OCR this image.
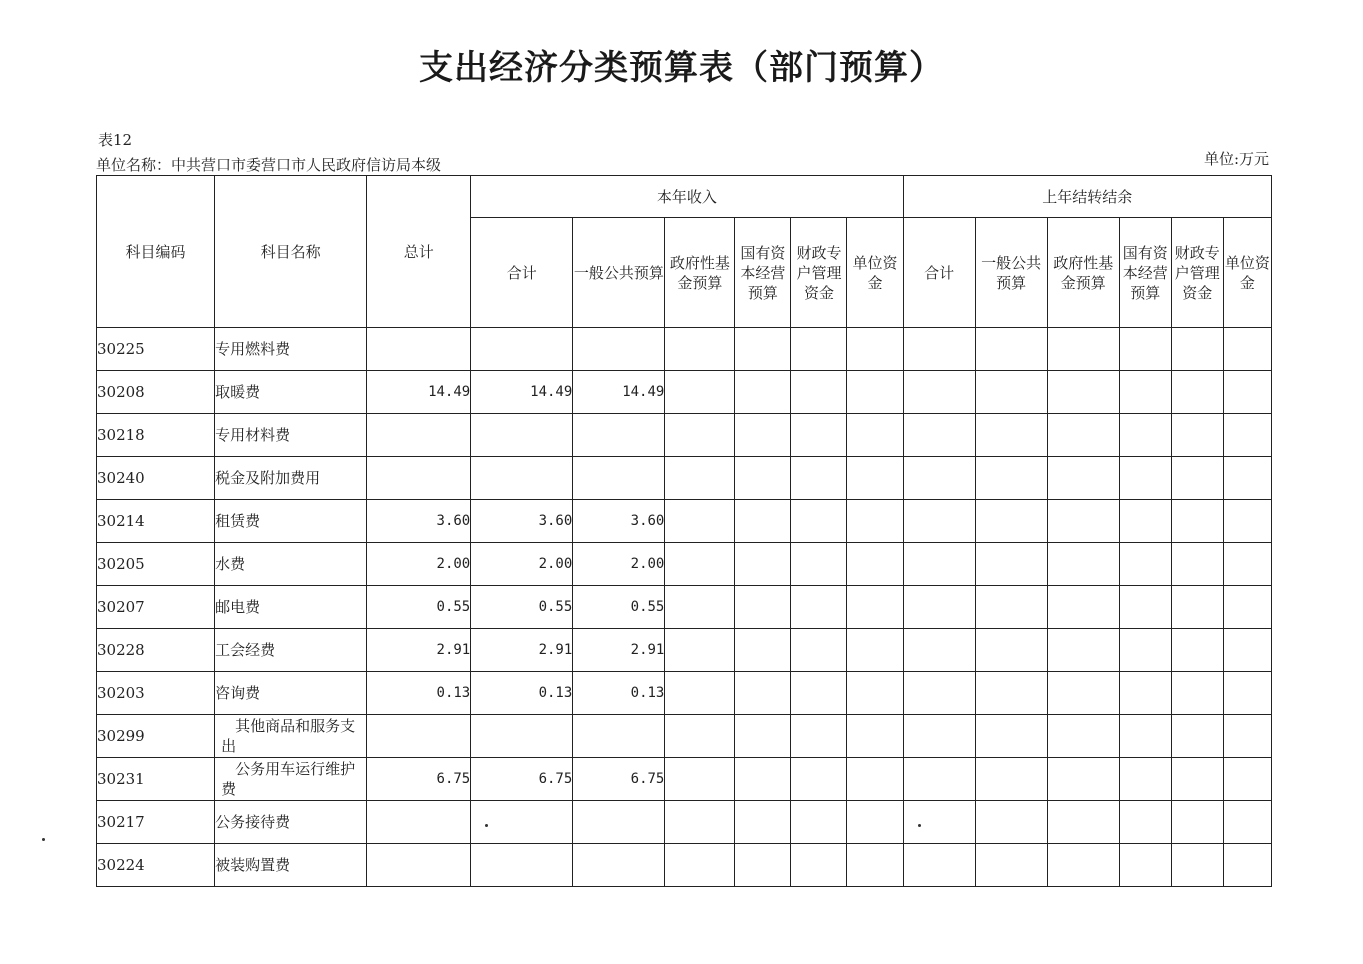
支出经济分类预算表（部门预算）
表12
单位名称：中共营口市委营口市人民政府信访局本级	单位:万元
科目编码	科目名称	总计	本年收入						上年结转结余					
			合计	一般公共预算	政府性基金预算	国有资本经营预算	财政专户管理资金	单位资金	合计	一般公共预算	政府性基金预算	国有资本经营预算	财政专户管理资金	单位资金
30225	专用燃料费													
30208	取暖费	14.49	14.49	14.49										
30218	专用材料费													
30240	税金及附加费用													
30214	租赁费	3.60	3.60	3.60										
30205	水费	2.00	2.00	2.00										
30207	邮电费	0.55	0.55	0.55										
30228	工会经费	2.91	2.91	2.91										
30203	咨询费	0.13	0.13	0.13										
30299	其他商品和服务支出													
30231	公务用车运行维护费	6.75	6.75	6.75										
30217	公务接待费													
30224	被装购置费													
